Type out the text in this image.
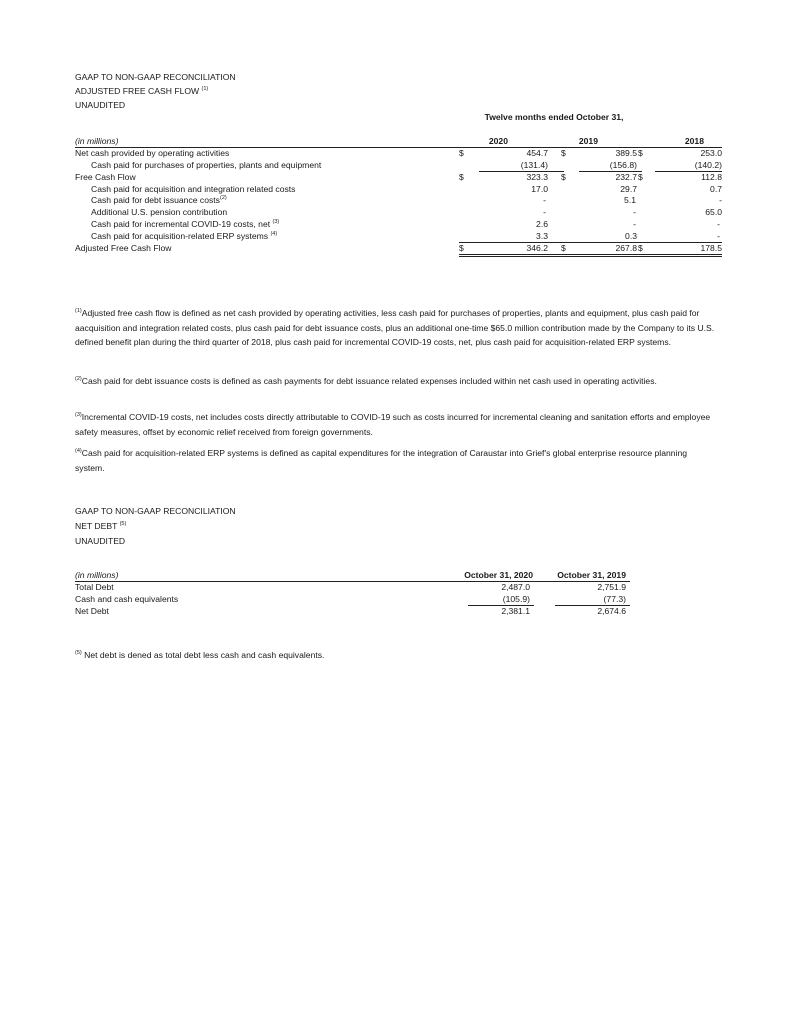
GAAP TO NON-GAAP RECONCILIATION
ADJUSTED FREE CASH FLOW $^{(1)}$
UNAUDITED
Twelve months ended October 31,
(in millions)	2020	2019	2018
Net cash provided by operating activities	$	454.7 $	389.5 $	253.0
Cash paid for purchases of properties, plants and equipment	(131.4)	(156.8)	(140.2)
Free Cash Flow	$	323.3 $	232.7 $	112.8
Cash paid for acquisition and integration related costs	17.0	29.7	0.7
Cash paid for debt issuance costs$^{(2)}$	-	5.1	-
Additional U.S. pension contribution	-	-	65.0
Cash paid for incremental COVID-19 costs, net $^{(3)}$	2.6	-	-
Cash paid for acquisition-related ERP systems $^{(4)}$	3.3	0.3	-
Adjusted Free Cash Flow	$	346.2 $	267.8 $	178.5
$^{(1)}$Adjusted free cash flow is defined as net cash provided by operating activities, less cash paid for purchases of properties, plants and equipment, plus cash paid for aacquisition and integration related costs, plus cash paid for debt issuance costs, plus an additional one-time $65.0 million contribution made by the Company to its U.S. defined benefit plan during the third quarter of 2018, plus cash paid for incremental COVID-19 costs, net, plus cash paid for acquisition-related ERP systems.
$^{(2)}$Cash paid for debt issuance costs is defined as cash payments for debt issuance related expenses included within net cash used in operating activities.
$^{(3)}$Incremental COVID-19 costs, net includes costs directly attributable to COVID-19 such as costs incurred for incremental cleaning and sanitation efforts and employee safety measures, offset by economic relief received from foreign governments.
$^{(4)}$Cash paid for acquisition-related ERP systems is defined as capital expenditures for the integration of Caraustar into Grief's global enterprise resource planning system.
GAAP TO NON-GAAP RECONCILIATION
NET DEBT $^{(5)}$
UNAUDITED
(in millions)	October 31, 2020	October 31, 2019
Total Debt	2,487.0	2,751.9
Cash and cash equivalents	(105.9)	(77.3)
Net Debt	2,381.1	2,674.6
$^{(5)}$ Net debt is dened as total debt less cash and cash equivalents.
